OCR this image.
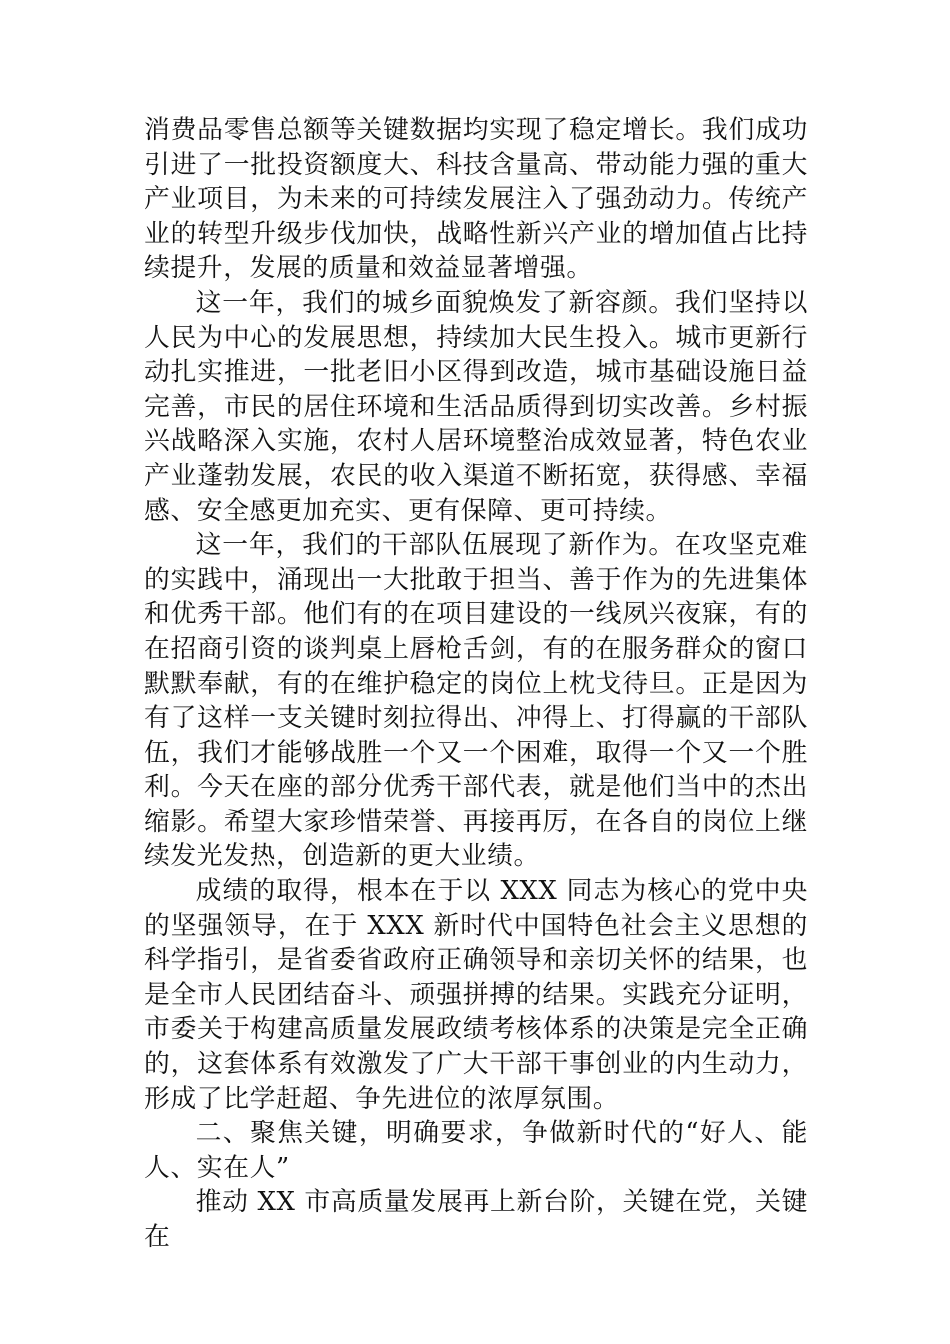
消费品零售总额等关键数据均实现了稳定增长。我们成功引进了一批投资额度大、科技含量高、带动能力强的重大产业项目，为未来的可持续发展注入了强劲动力。传统产业的转型升级步伐加快，战略性新兴产业的增加值占比持续提升，发展的质量和效益显著增强。

这一年，我们的城乡面貌焕发了新容颜。我们坚持以人民为中心的发展思想，持续加大民生投入。城市更新行动扎实推进，一批老旧小区得到改造，城市基础设施日益完善，市民的居住环境和生活品质得到切实改善。乡村振兴战略深入实施，农村人居环境整治成效显著，特色农业产业蓬勃发展，农民的收入渠道不断拓宽，获得感、幸福感、安全感更加充实、更有保障、更可持续。

这一年，我们的干部队伍展现了新作为。在攻坚克难的实践中，涌现出一大批敢于担当、善于作为的先进集体和优秀干部。他们有的在项目建设的一线夙兴夜寐，有的在招商引资的谈判桌上唇枪舌剑，有的在服务群众的窗口默默奉献，有的在维护稳定的岗位上枕戈待旦。正是因为有了这样一支关键时刻拉得出、冲得上、打得赢的干部队伍，我们才能够战胜一个又一个困难，取得一个又一个胜利。今天在座的部分优秀干部代表，就是他们当中的杰出缩影。希望大家珍惜荣誉、再接再厉，在各自的岗位上继续发光发热，创造新的更大业绩。

成绩的取得，根本在于以 XXX 同志为核心的党中央的坚强领导，在于 XXX 新时代中国特色社会主义思想的科学指引，是省委省政府正确领导和亲切关怀的结果，也是全市人民团结奋斗、顽强拼搏的结果。实践充分证明，市委关于构建高质量发展政绩考核体系的决策是完全正确的，这套体系有效激发了广大干部干事创业的内生动力，形成了比学赶超、争先进位的浓厚氛围。

二、聚焦关键，明确要求，争做新时代的“好人、能人、实在人”

推动 XX 市高质量发展再上新台阶，关键在党，关键在
